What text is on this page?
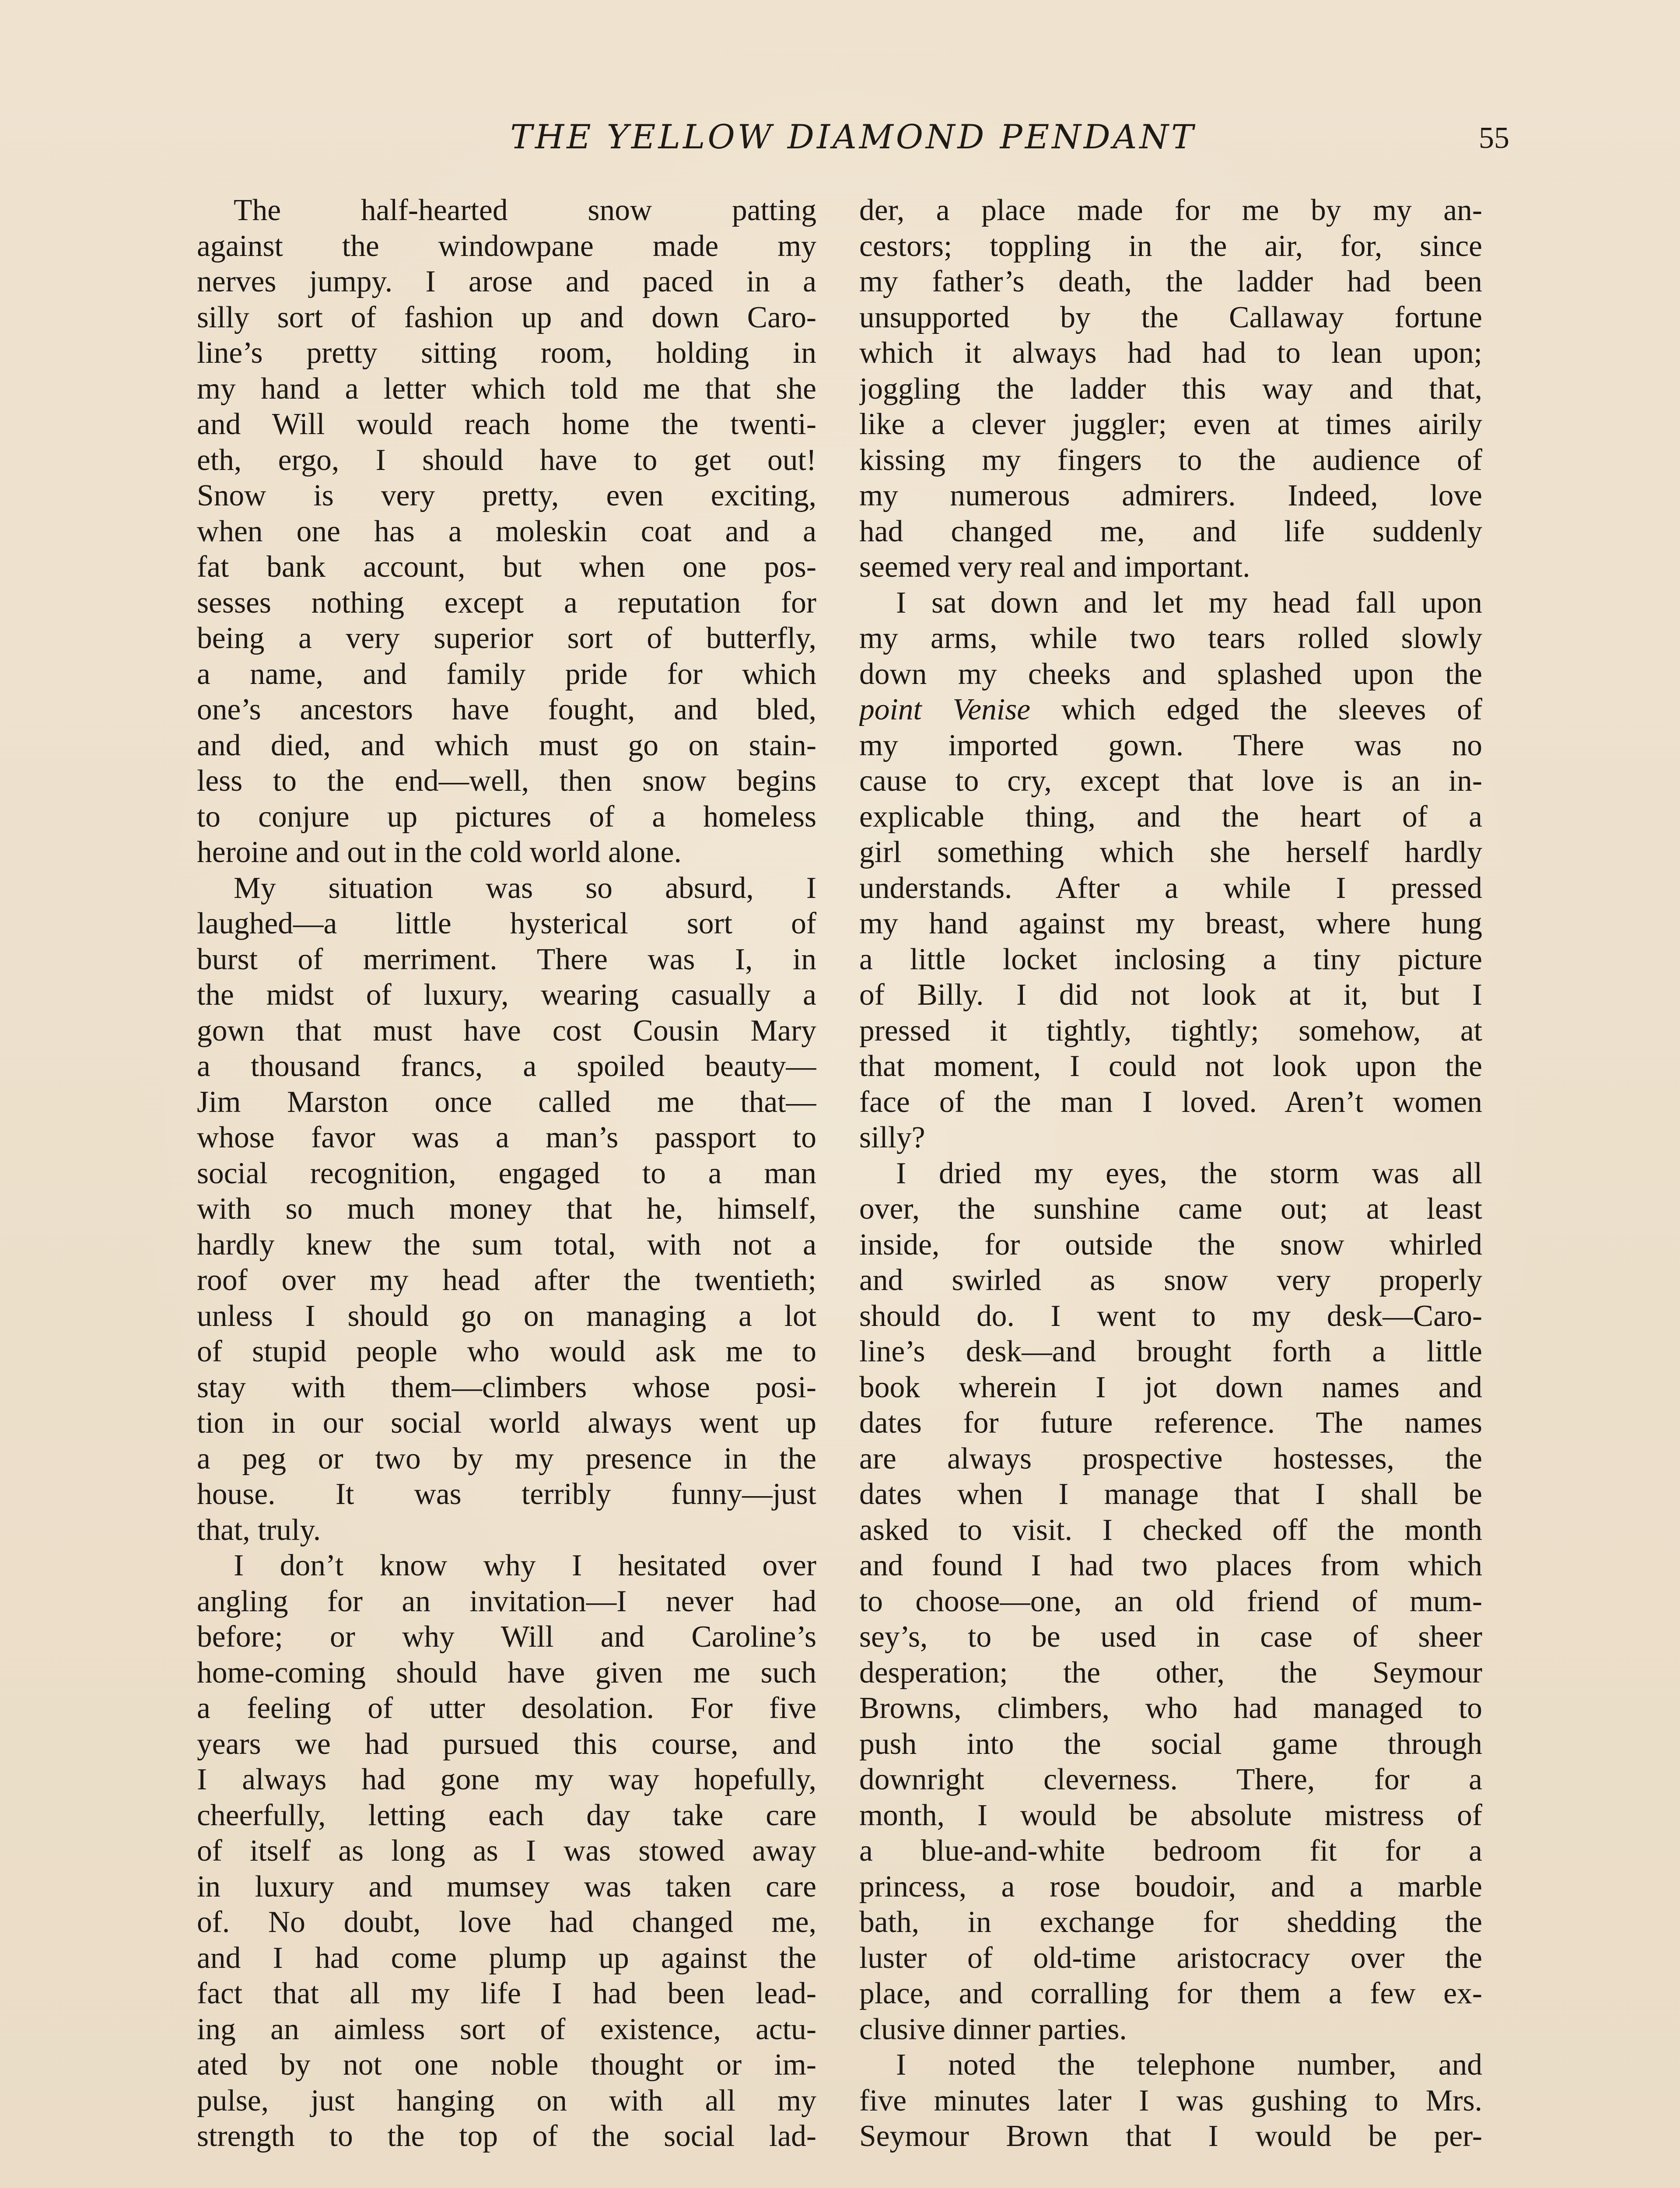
THE YELLOW DIAMOND PENDANT	55
The half-hearted snow patting
against the windowpane made my
nerves jumpy. I arose and paced in a
silly sort of fashion up and down Caro-
line’s pretty sitting room, holding in
my hand a letter which told me that she
and Will would reach home the twenti-
eth, ergo, I should have to get out!
Snow is very pretty, even exciting,
when one has a moleskin coat and a
fat bank account, but when one pos-
sesses nothing except a reputation for
being a very superior sort of butterfly,
a name, and family pride for which
one’s ancestors have fought, and bled,
and died, and which must go on stain-
less to the end—well, then snow begins
to conjure up pictures of a homeless
heroine and out in the cold world alone.
My situation was so absurd, I
laughed—a little hysterical sort of
burst of merriment. There was I, in
the midst of luxury, wearing casually a
gown that must have cost Cousin Mary
a thousand francs, a spoiled beauty—
Jim Marston once called me that—
whose favor was a man’s passport to
social recognition, engaged to a man
with so much money that he, himself,
hardly knew the sum total, with not a
roof over my head after the twentieth;
unless I should go on managing a lot
of stupid people who would ask me to
stay with them—climbers whose posi-
tion in our social world always went up
a peg or two by my presence in the
house. It was terribly funny—just
that, truly.
I don’t know why I hesitated over
angling for an invitation—I never had
before; or why Will and Caroline’s
home-coming should have given me such
a feeling of utter desolation. For five
years we had pursued this course, and
I always had gone my way hopefully,
cheerfully, letting each day take care
of itself as long as I was stowed away
in luxury and mumsey was taken care
of. No doubt, love had changed me,
and I had come plump up against the
fact that all my life I had been lead-
ing an aimless sort of existence, actu-
ated by not one noble thought or im-
pulse, just hanging on with all my
strength to the top of the social lad-
der, a place made for me by my an-
cestors; toppling in the air, for, since
my father’s death, the ladder had been
unsupported by the Callaway fortune
which it always had had to lean upon;
joggling the ladder this way and that,
like a clever juggler; even at times airily
kissing my fingers to the audience of
my numerous admirers. Indeed, love
had changed me, and life suddenly
seemed very real and important.
I sat down and let my head fall upon
my arms, while two tears rolled slowly
down my cheeks and splashed upon the
point Venise which edged the sleeves of
my imported gown. There was no
cause to cry, except that love is an in-
explicable thing, and the heart of a
girl something which she herself hardly
understands. After a while I pressed
my hand against my breast, where hung
a little locket inclosing a tiny picture
of Billy. I did not look at it, but I
pressed it tightly, tightly; somehow, at
that moment, I could not look upon the
face of the man I loved. Aren’t women
silly?
I dried my eyes, the storm was all
over, the sunshine came out; at least
inside, for outside the snow whirled
and swirled as snow very properly
should do. I went to my desk—Caro-
line’s desk—and brought forth a little
book wherein I jot down names and
dates for future reference. The names
are always prospective hostesses, the
dates when I manage that I shall be
asked to visit. I checked off the month
and found I had two places from which
to choose—one, an old friend of mum-
sey’s, to be used in case of sheer
desperation; the other, the Seymour
Browns, climbers, who had managed to
push into the social game through
downright cleverness. There, for a
month, I would be absolute mistress of
a blue-and-white bedroom fit for a
princess, a rose boudoir, and a marble
bath, in exchange for shedding the
luster of old-time aristocracy over the
place, and corralling for them a few ex-
clusive dinner parties.
I noted the telephone number, and
five minutes later I was gushing to Mrs.
Seymour Brown that I would be per-
